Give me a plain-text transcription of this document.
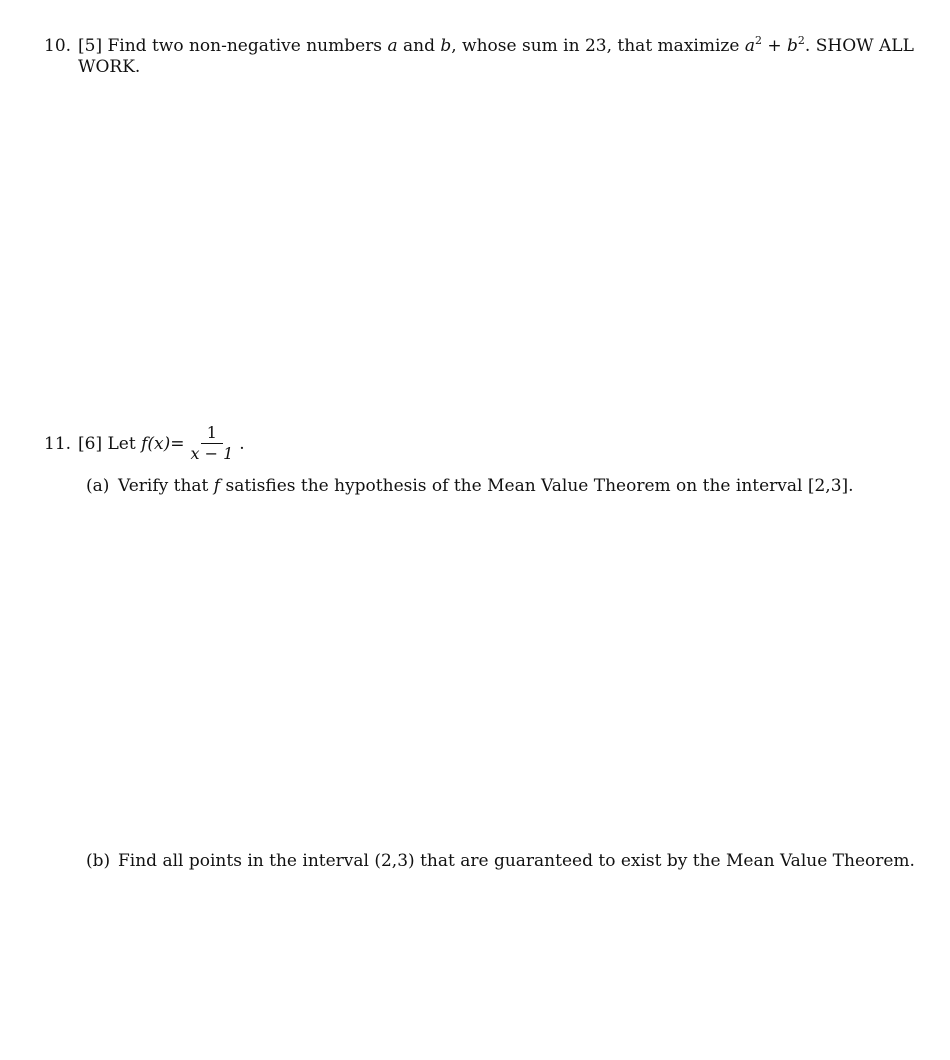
10. [5] Find two non-negative numbers a and b, whose sum in 23, that maximize $a^2 + b^2$. SHOW ALL
WORK.
11. [6] Let
$f(x) = \frac{1}{x - 1}$ .
(a) Verify that f satisfies the hypothesis of the Mean Value Theorem on the interval [2,3].
(b) Find all points in the interval (2,3) that are guaranteed to exist by the Mean Value Theorem.
